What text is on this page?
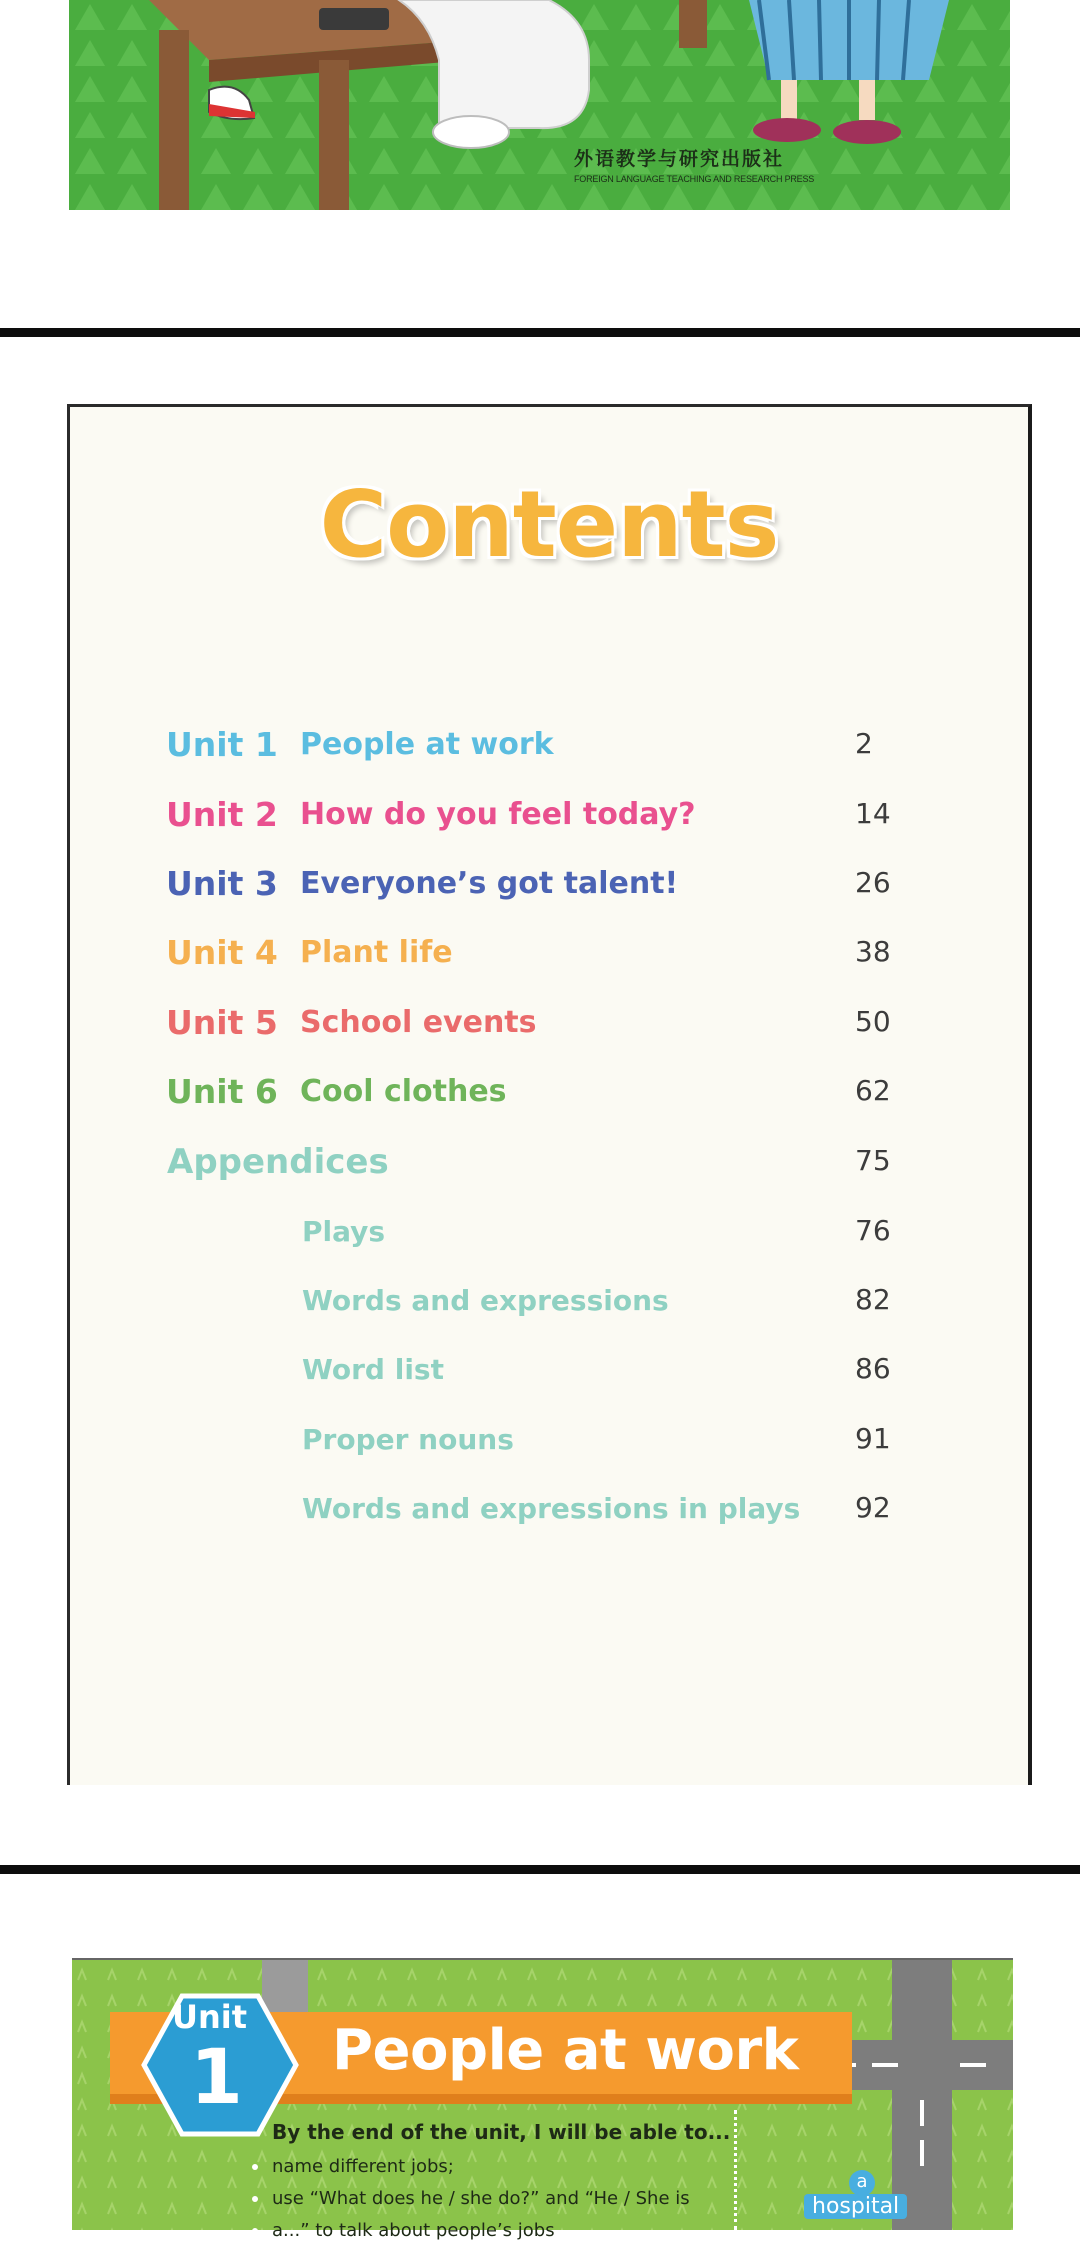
外语教学与研究出版社
FOREIGN LANGUAGE TEACHING AND RESEARCH PRESS
Contents
Unit 1 People at work	2
Unit 2 How do you feel today?	14
Unit 3 Everyone’s got talent!	26
Unit 4 Plant life	38
Unit 5 School events	50
Unit 6 Cool clothes	62
Appendices	75
Plays	76
Words and expressions	82
Word list	86
Proper nouns	91
Words and expressions in plays 92
People at work
Unit
1
By the end of the unit, I will be able to...
name different jobs;
use “What does he / she do?” and “He / She is
a...” to talk about people’s jobs
a
hospital
